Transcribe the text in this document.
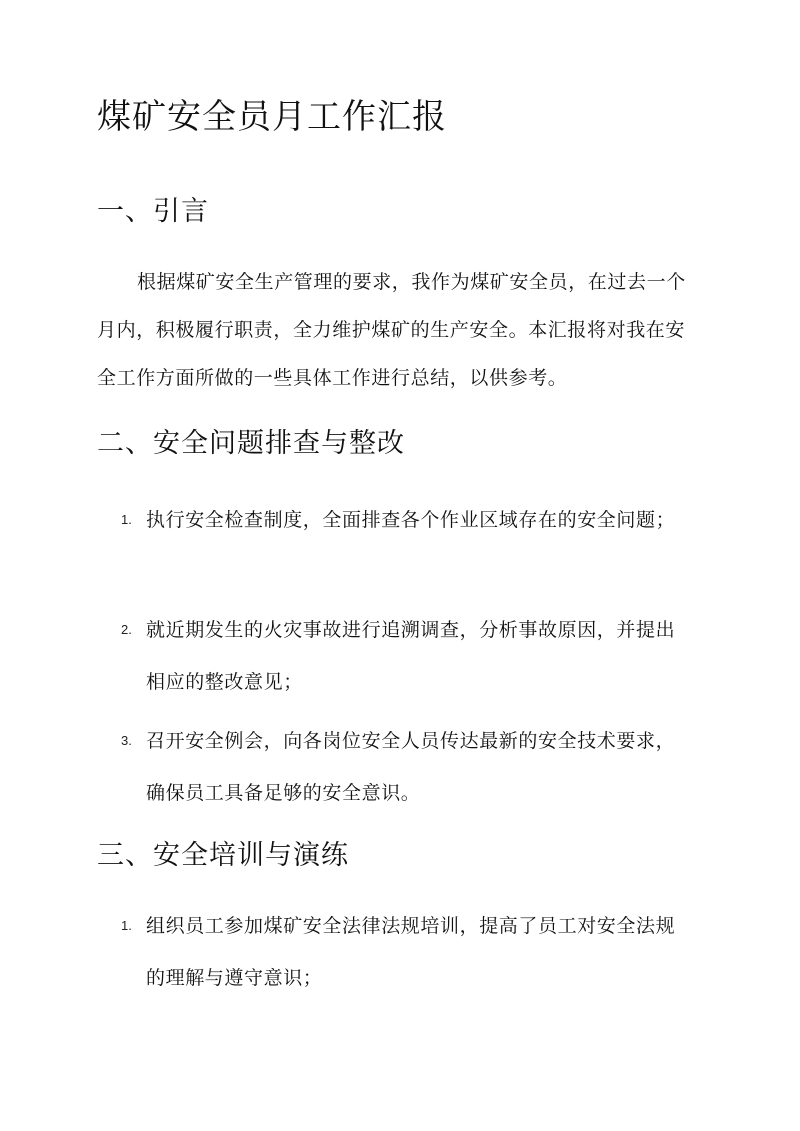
煤矿安全员月工作汇报
一、引言

根据煤矿安全生产管理的要求，我作为煤矿安全员，在过去一个月内，积极履行职责，全力维护煤矿的生产安全。本汇报将对我在安全工作方面所做的一些具体工作进行总结，以供参考。

二、安全问题排查与整改
1. 执行安全检查制度，全面排查各个作业区域存在的安全问题；
2. 就近期发生的火灾事故进行追溯调查，分析事故原因，并提出相应的整改意见；
3. 召开安全例会，向各岗位安全人员传达最新的安全技术要求，确保员工具备足够的安全意识。
三、安全培训与演练
1. 组织员工参加煤矿安全法律法规培训，提高了员工对安全法规的理解与遵守意识；
